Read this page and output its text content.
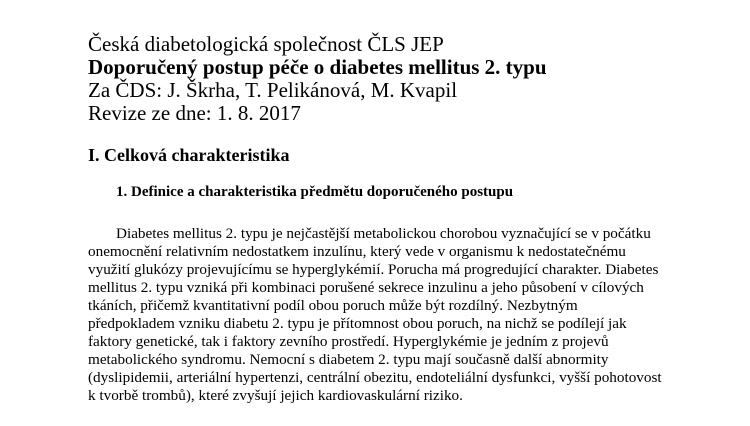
Česká diabetologická společnost ČLS JEP
Doporučený postup péče o diabetes mellitus 2. typu
Za ČDS: J. Škrha, T. Pelikánová, M. Kvapil
Revize ze dne: 1. 8. 2017
I. Celková charakteristika
1. Definice a charakteristika předmětu doporučeného postupu
Diabetes mellitus 2. typu je nejčastější metabolickou chorobou vyznačující se v počátku
onemocnění relativním nedostatkem inzulínu, který vede v organismu k nedostatečnému
využití glukózy projevujícímu se hyperglykémií. Porucha má progredující charakter. Diabetes
mellitus 2. typu vzniká při kombinaci porušené sekrece inzulinu a jeho působení v cílových
tkáních, přičemž kvantitativní podíl obou poruch může být rozdílný. Nezbytným
předpokladem vzniku diabetu 2. typu je přítomnost obou poruch, na nichž se podílejí jak
faktory genetické, tak i faktory zevního prostředí. Hyperglykémie je jedním z projevů
metabolického syndromu. Nemocní s diabetem 2. typu mají současně další abnormity
(dyslipidemii, arteriální hypertenzi, centrální obezitu, endoteliální dysfunkci, vyšší pohotovost
k tvorbě trombů), které zvyšují jejich kardiovaskulární riziko.
